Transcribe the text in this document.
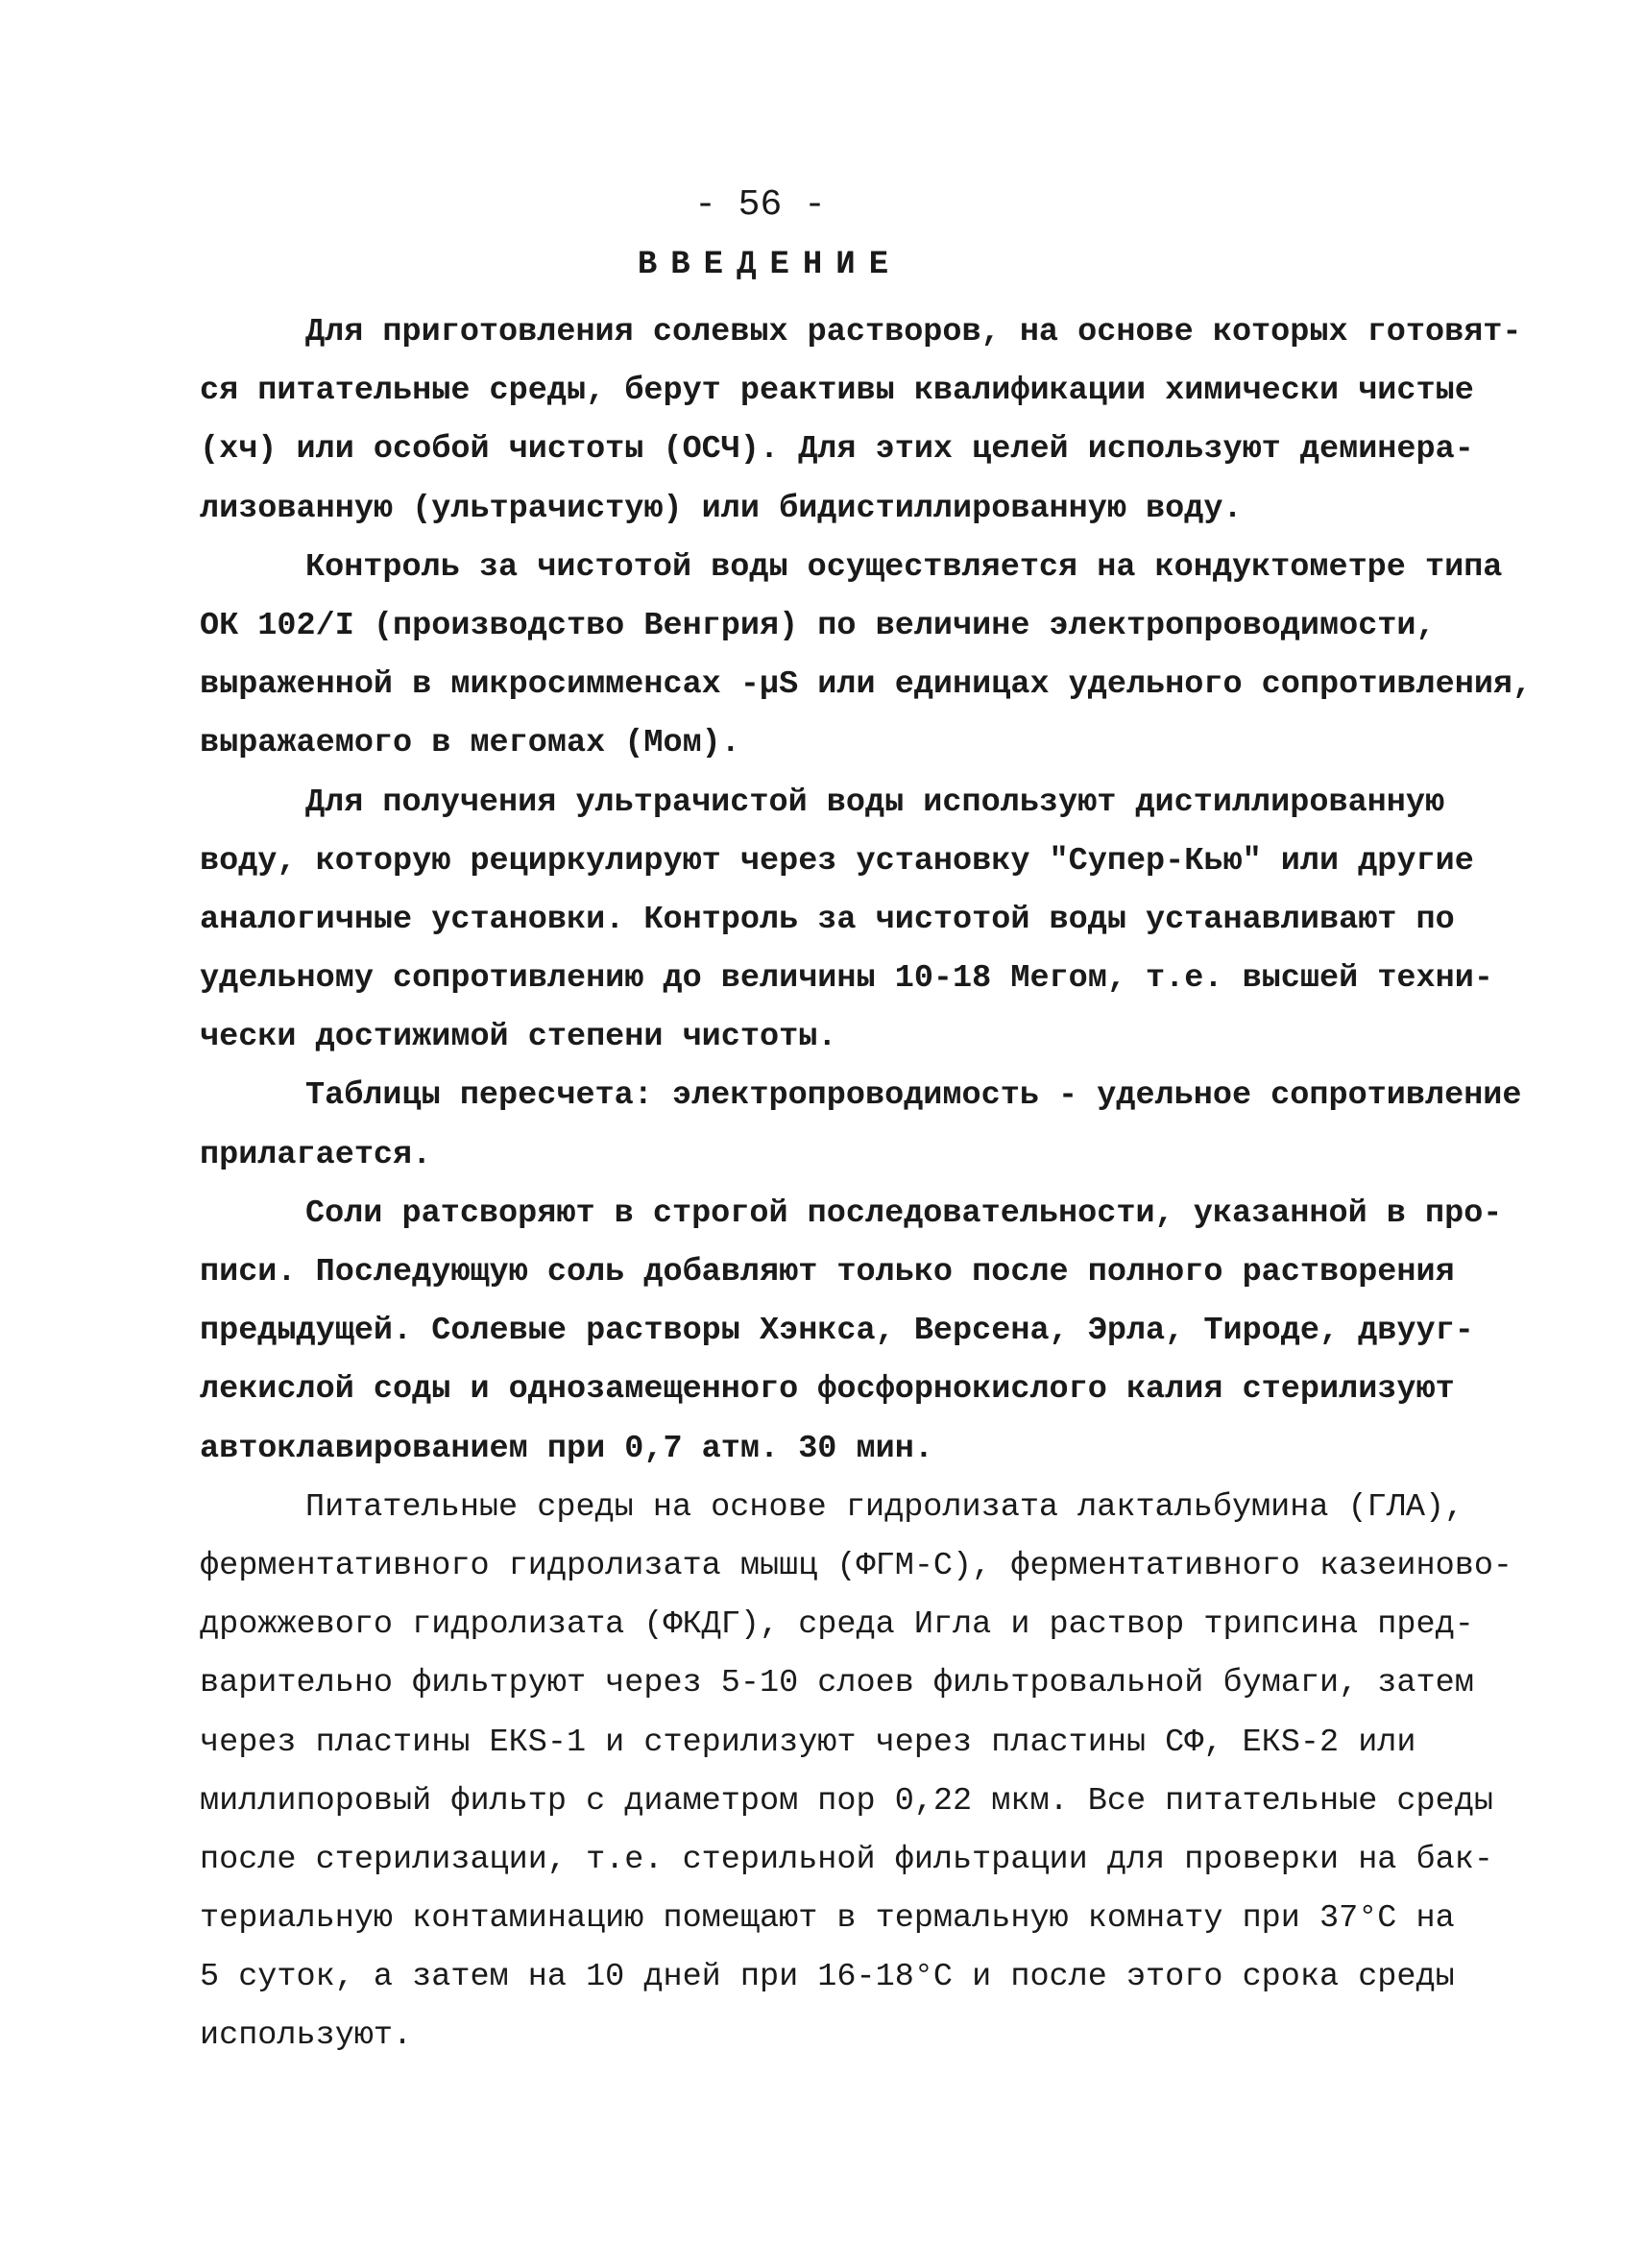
- 56 -
ВВЕДЕНИЕ
Для приготовления солевых растворов, на основе которых готовят-
ся питательные среды, берут реактивы квалификации химически чистые
(хч) или особой чистоты (ОСЧ). Для этих целей используют деминера-
лизованную (ультрачистую) или бидистиллированную воду.
Контроль за чистотой воды осуществляется на кондуктометре типа
ОК 102/I (производство Венгрия) по величине электропроводимости,
выраженной в микросимменсах -µS или единицах удельного сопротивления,
выражаемого в мегомах (Мом).
Для получения ультрачистой воды используют дистиллированную
воду, которую рециркулируют через установку "Супер-Кью" или другие
аналогичные установки. Контроль за чистотой воды устанавливают по
удельному сопротивлению до величины 10-18 Мегом, т.е. высшей техни-
чески достижимой степени чистоты.
Таблицы пересчета: электропроводимость - удельное сопротивление
прилагается.
Соли ратсворяют в строгой последовательности, указанной в про-
писи. Последующую соль добавляют только после полного растворения
предыдущей. Солевые растворы Хэнкса, Версена, Эрла, Тироде, двууг-
лекислой соды и однозамещенного фосфорнокислого калия стерилизуют
автоклавированием при 0,7 атм. 30 мин.
Питательные среды на основе гидролизата лактальбумина (ГЛА),
ферментативного гидролизата мышц (ФГМ-С), ферментативного казеиново-
дрожжевого гидролизата (ФКДГ), среда Игла и раствор трипсина пред-
варительно фильтруют через 5-10 слоев фильтровальной бумаги, затем
через пластины ЕКS-1 и стерилизуют через пластины СФ, ЕКS-2 или
миллипоровый фильтр с диаметром пор 0,22 мкм. Все питательные среды
после стерилизации, т.е. стерильной фильтрации для проверки на бак-
териальную контаминацию помещают в термальную комнату при 37°С на
5 суток, а затем на 10 дней при 16-18°С и после этого срока среды
используют.
